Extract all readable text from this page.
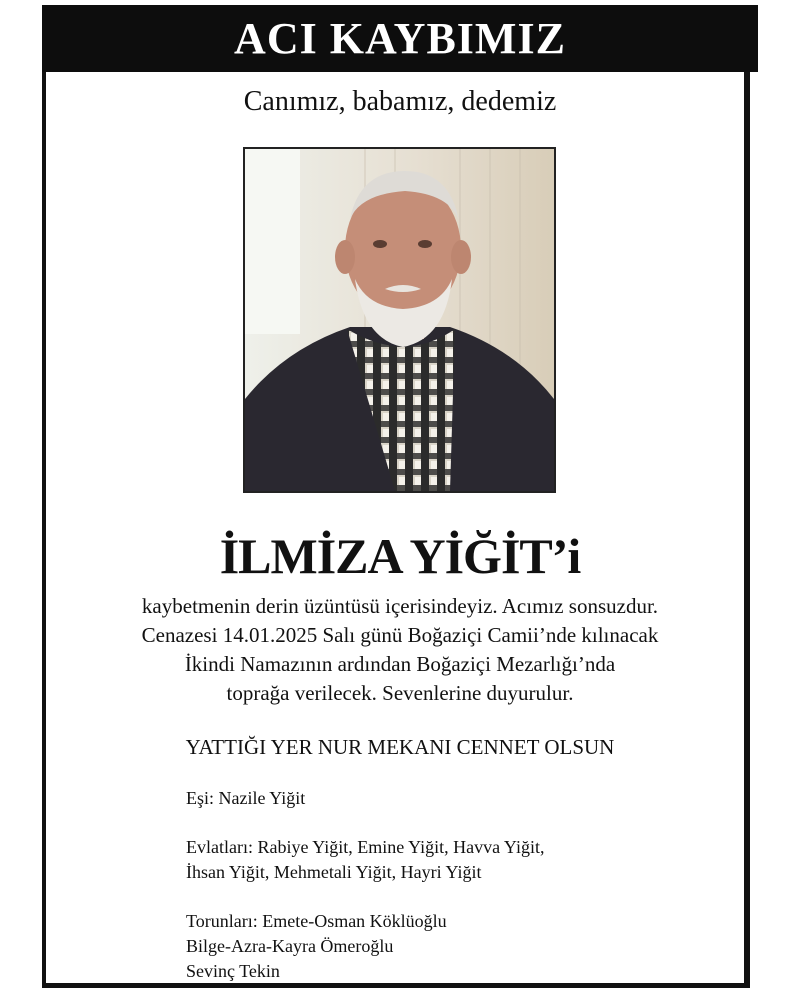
ACI KAYBIMIZ
Canımız, babamız, dedemiz
İLMİZA YİĞİT’i
kaybetmenin derin üzüntüsü içerisindeyiz. Acımız sonsuzdur.
Cenazesi 14.01.2025 Salı günü Boğaziçi Camii’nde kılınacak
İkindi Namazının ardından Boğaziçi Mezarlığı’nda
toprağa verilecek. Sevenlerine duyurulur.
YATTIĞI YER NUR MEKANI CENNET OLSUN
Eşi: Nazile Yiğit
Evlatları: Rabiye Yiğit, Emine Yiğit, Havva Yiğit,
İhsan Yiğit, Mehmetali Yiğit, Hayri Yiğit
Torunları: Emete-Osman Köklüoğlu
Bilge-Azra-Kayra Ömeroğlu
Sevinç Tekin
